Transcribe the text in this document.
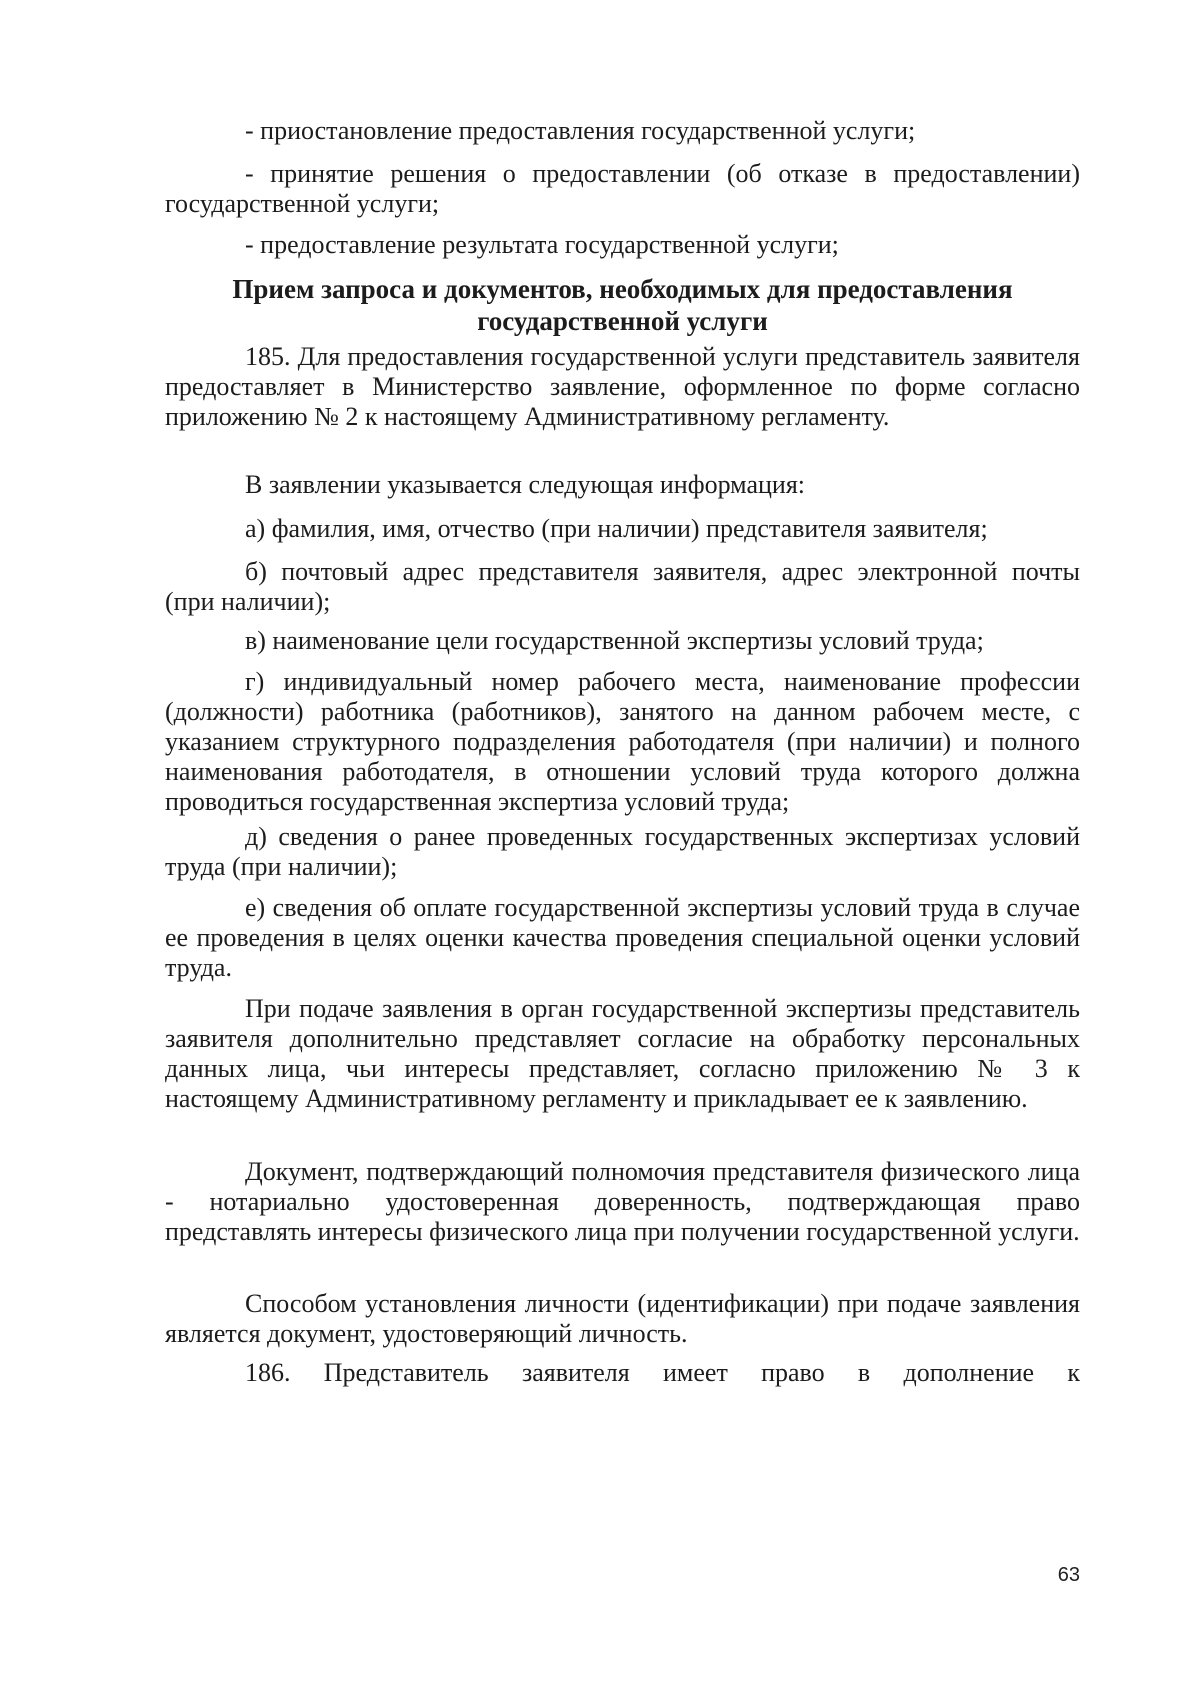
- приостановление предоставления государственной услуги;

- принятие решения о предоставлении (об отказе в предоставлении) государственной услуги;

- предоставление результата государственной услуги;

Прием запроса и документов, необходимых для предоставления государственной услуги

185. Для предоставления государственной услуги представитель заявителя предоставляет в Министерство заявление, оформленное по форме согласно приложению № 2 к настоящему Административному регламенту.

В заявлении указывается следующая информация:

а) фамилия, имя, отчество (при наличии) представителя заявителя;

б) почтовый адрес представителя заявителя, адрес электронной почты (при наличии);

в) наименование цели государственной экспертизы условий труда;

г) индивидуальный номер рабочего места, наименование профессии (должности) работника (работников), занятого на данном рабочем месте, с указанием структурного подразделения работодателя (при наличии) и полного наименования работодателя, в отношении условий труда которого должна проводиться государственная экспертиза условий труда;

д) сведения о ранее проведенных государственных экспертизах условий труда (при наличии);

е) сведения об оплате государственной экспертизы условий труда в случае ее проведения в целях оценки качества проведения специальной оценки условий труда.

При подаче заявления в орган государственной экспертизы представитель заявителя дополнительно представляет согласие на обработку персональных данных лица, чьи интересы представляет, согласно приложению № 3 к настоящему Административному регламенту и прикладывает ее к заявлению.

Документ, подтверждающий полномочия представителя физического лица - нотариально удостоверенная доверенность, подтверждающая право представлять интересы физического лица при получении государственной услуги.

Способом установления личности (идентификации) при подаче заявления является документ, удостоверяющий личность.

186. Представитель заявителя имеет право в дополнение к

63
